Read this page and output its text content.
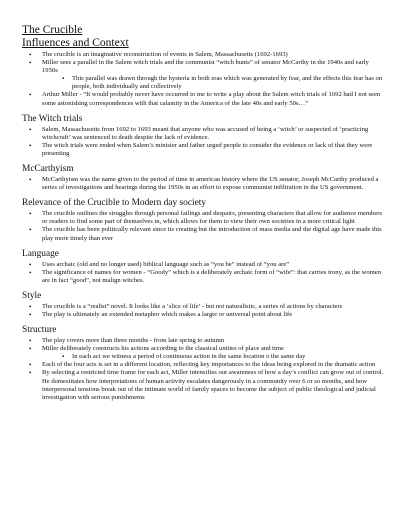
The Crucible
Influences and Context
• The crucible is an imaginative reconstruction of events in Salem, Massachusetts (1692-1693)
• Miller sees a parallel in the Salem witch trials and the communist “witch hunts” of senator McCarthy in the 1940s and early 1950s
▪ This parallel was drawn through the hysteria in both eras which was generated by fear, and the effects this fear has on people, both individually and collectively
• Arthur Miller - “It would probably never have occurred to me to write a play about the Salem witch trials of 1692 had I not seen some astonishing correspondences with that calamity in the America of the late 40s and early 50s…”
The Witch trials
• Salem, Massachusetts from 1692 to 1693 meant that anyone who was accused of being a ‘witch’ or suspected of ‘practicing witchcraft’ was sentenced to death despite the lack of evidence.
• The witch trials were ended when Salem’s minister and father urged people to consider the evidence or lack of that they were presenting
McCarthyism
• McCarthyism was the name given to the period of time in american history where the US senator, Joseph McCarthy produced a series of investigations and hearings during the 1950s in an effort to expose communist infiltration in the US government.
Relevance of the Crucible to Modern day society
• The crucible outlines the struggles through personal failings and despairs, presenting characters that allow for audience members or readers to find some part of themselves in, which allows for them to view their own societies in a more critical light
• The crucible has been politically relevant since its creating but the introduction of mass media and the digital age have made this play more timely than ever
Language
• Uses archaic (old and no longer used) biblical language such as “you be” instead of “you are”
• The significance of names for women - “Goody” which is a deliberately archaic form of “wife”: that carries irony, as the women are in fact “good”, not malign witches.
Style
• The crucible is a “realist” novel. It looks like a ‘slice of life’ - but not naturalistic, a series of actions by characters
• The play is ultimately an extended metaphor which makes a larger or universal point about life
Structure
• The play covers more than three months - from late spring to autumn
• Miller deliberately constructs his actions according to the classical unities of place and time
▪ In each act we witness a period of continuous action in the same location o the same day
• Each of the four acts is set in a different location, reflecting key importances to the ideas being explored in the dramatic action
• By selecting a restricted time frame for each act, Miller intensifies our awareness of how a day’s conflict can grow out of control. He domestitates how interpretations of human activity escalates dangerously in a community over 6 or so months, and how interpersonal tensions break out of the intimate world of family spaces to become the subject of public theological and judicial investigation with serious punishments
